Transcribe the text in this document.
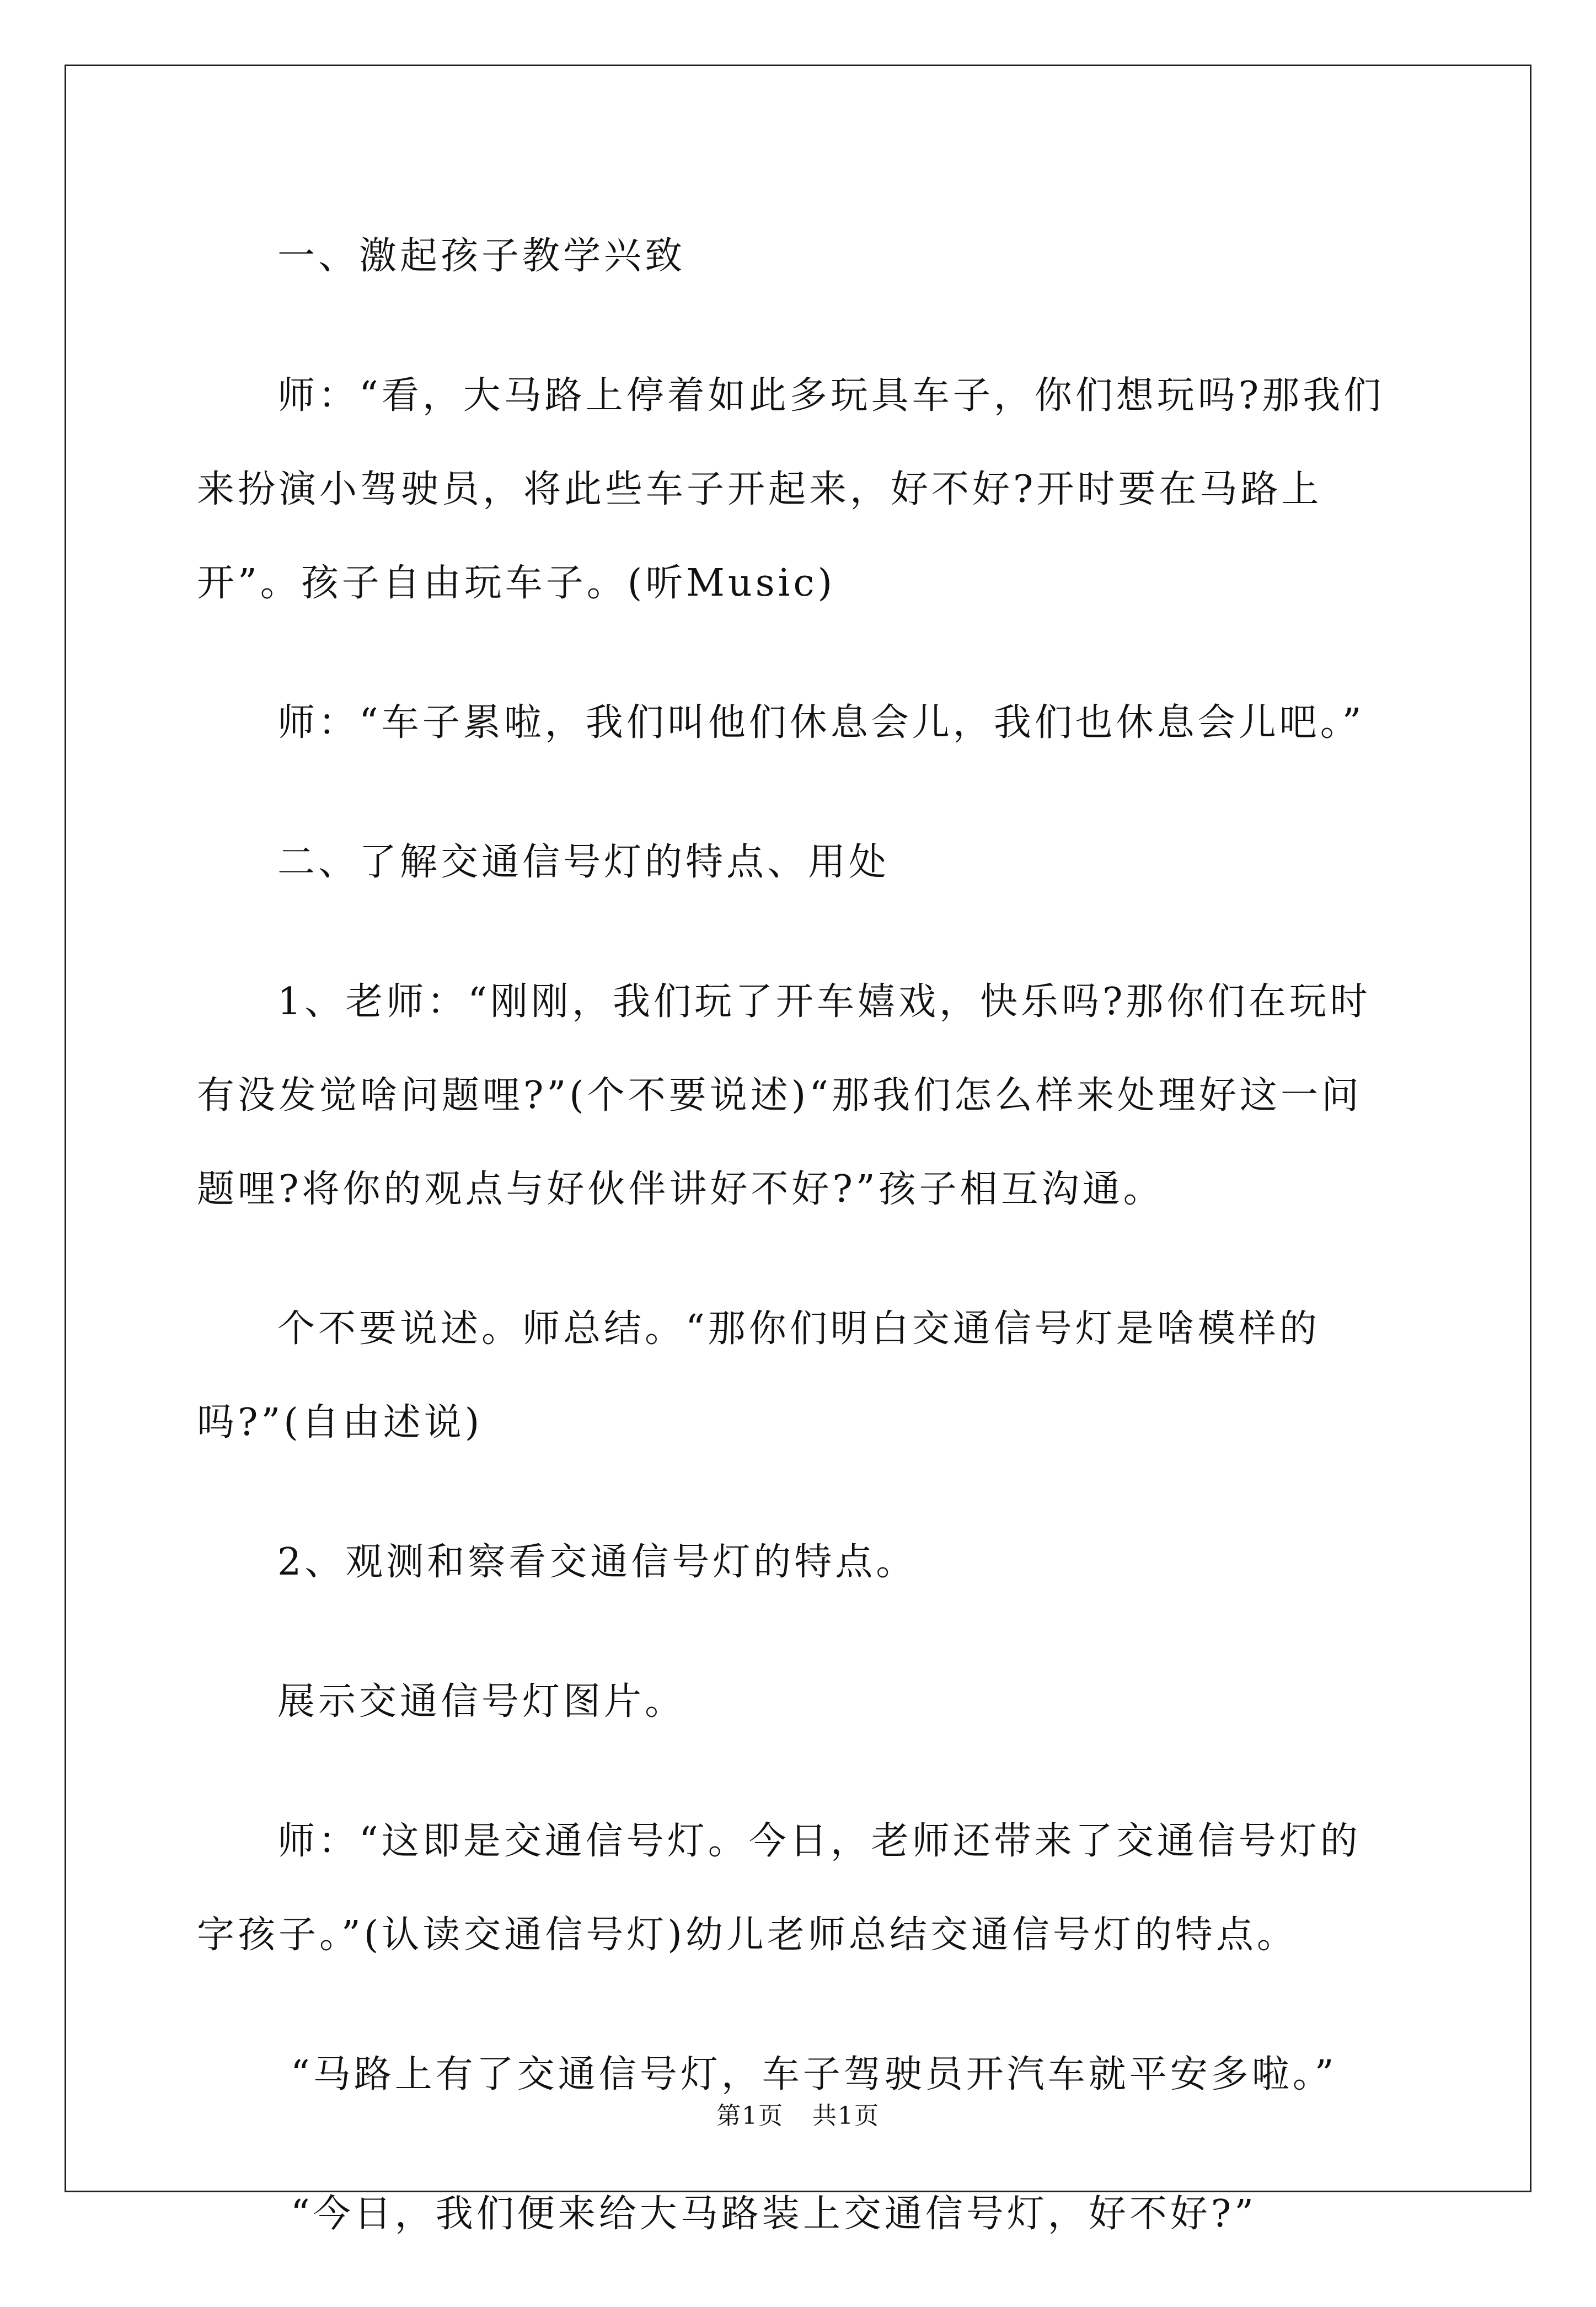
一、激起孩子教学兴致

师：“看，大马路上停着如此多玩具车子，你们想玩吗?那我们来扮演小驾驶员，将此些车子开起来，好不好?开时要在马路上开”。孩子自由玩车子。(听Music)

师：“车子累啦，我们叫他们休息会儿，我们也休息会儿吧。”

二、了解交通信号灯的特点、用处

1、老师：“刚刚，我们玩了开车嬉戏，快乐吗?那你们在玩时有没发觉啥问题哩?”(个不要说述)“那我们怎么样来处理好这一问题哩?将你的观点与好伙伴讲好不好?”孩子相互沟通。

个不要说述。师总结。“那你们明白交通信号灯是啥模样的吗?”(自由述说)

2、观测和察看交通信号灯的特点。

展示交通信号灯图片。

师：“这即是交通信号灯。今日，老师还带来了交通信号灯的字孩子。”(认读交通信号灯)幼儿老师总结交通信号灯的特点。

“马路上有了交通信号灯，车子驾驶员开汽车就平安多啦。”

“今日，我们便来给大马路装上交通信号灯，好不好?”

第1页 共1页
